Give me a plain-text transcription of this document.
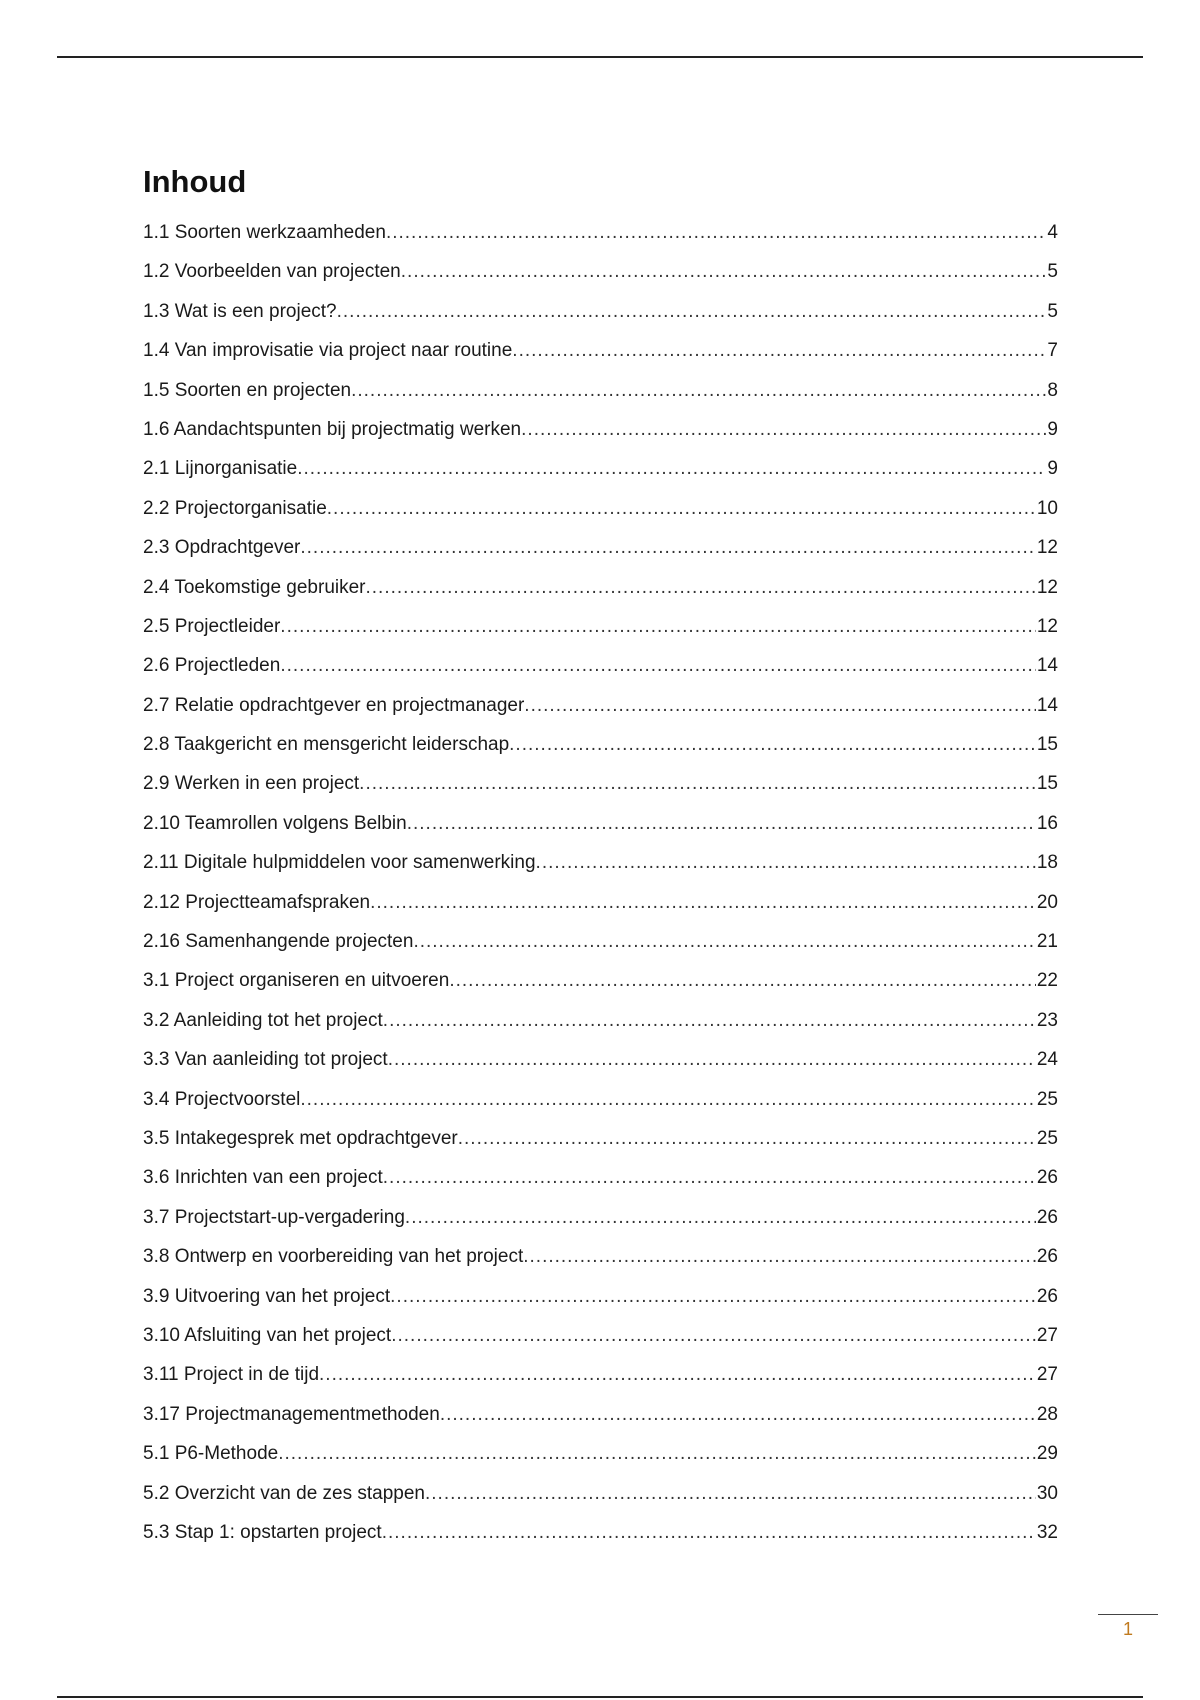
Inhoud
1.1 Soorten werkzaamheden .....	4
1.2 Voorbeelden van projecten .....	5
1.3 Wat is een project? .....	5
1.4 Van improvisatie via project naar routine .....	7
1.5 Soorten en projecten .....	8
1.6 Aandachtspunten bij projectmatig werken .....	9
2.1 Lijnorganisatie .....	9
2.2 Projectorganisatie .....	10
2.3 Opdrachtgever .....	12
2.4 Toekomstige gebruiker .....	12
2.5 Projectleider .....	12
2.6 Projectleden .....	14
2.7 Relatie opdrachtgever en projectmanager .....	14
2.8 Taakgericht en mensgericht leiderschap .....	15
2.9 Werken in een project .....	15
2.10 Teamrollen volgens Belbin .....	16
2.11 Digitale hulpmiddelen voor samenwerking .....	18
2.12 Projectteamafspraken .....	20
2.16 Samenhangende projecten .....	21
3.1 Project organiseren en uitvoeren .....	22
3.2 Aanleiding tot het project .....	23
3.3 Van aanleiding tot project .....	24
3.4 Projectvoorstel .....	25
3.5 Intakegesprek met opdrachtgever .....	25
3.6 Inrichten van een project .....	26
3.7 Projectstart-up-vergadering .....	26
3.8 Ontwerp en voorbereiding van het project .....	26
3.9 Uitvoering van het project .....	26
3.10 Afsluiting van het project .....	27
3.11 Project in de tijd .....	27
3.17 Projectmanagementmethoden .....	28
5.1 P6-Methode .....	29
5.2 Overzicht van de zes stappen .....	30
5.3 Stap 1: opstarten project .....	32
1
